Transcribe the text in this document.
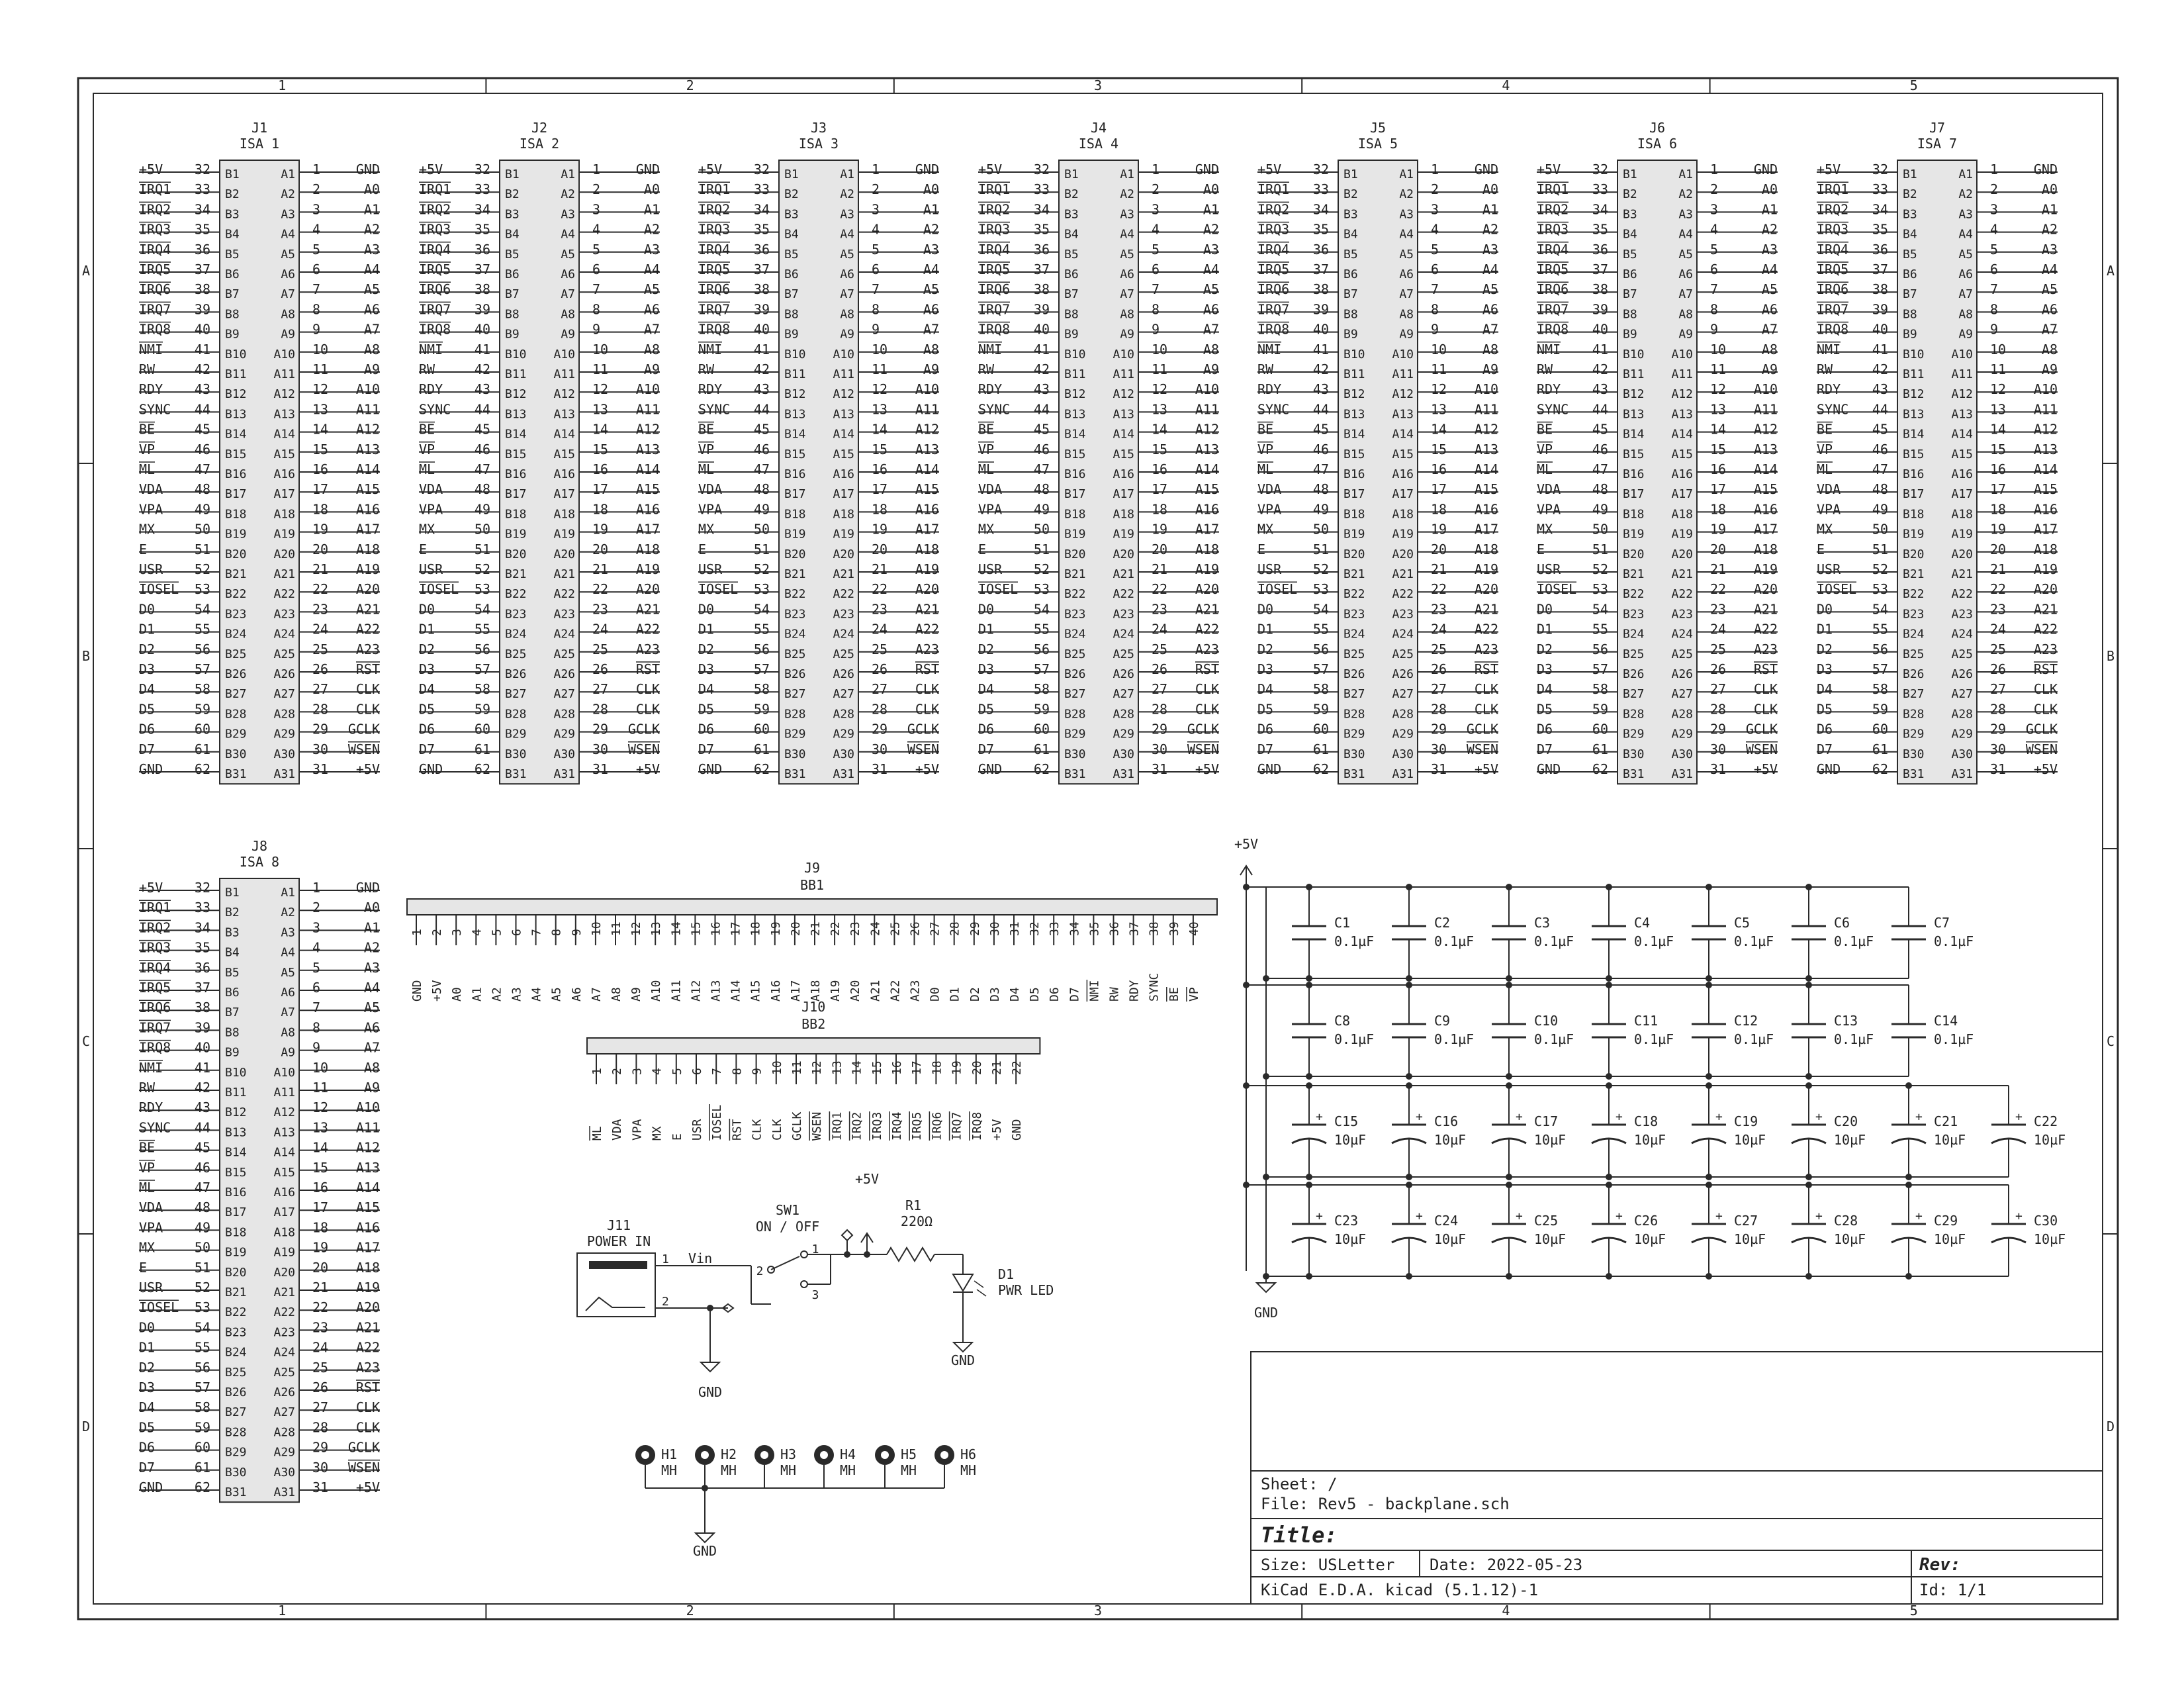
1
1
2
2
3
3
4
4
5
5
A	A
B	B
C	C
D	D
J1
ISA 1
+5V 32 B1	A1 1	GND
IRQ1 33 B2	A2 2	A0
IRQ2 34 B3	A3 3	A1
IRQ3 35 B4	A4 4	A2
IRQ4 36 B5	A5 5	A3
IRQ5 37 B6	A6 6	A4
IRQ6 38 B7	A7 7	A5
IRQ7 39 B8	A8 8	A6
IRQ8 40 B9	A9 9	A7
NMI 41 B10 A10 10	A8
RW	42 B11 A11 11	A9
RDY 43 B12 A12 12 A10
SYNC 44 B13 A13 13 A11
BE	45 B14 A14 14 A12
VP	46 B15 A15 15 A13
ML	47 B16 A16 16 A14
VDA 48 B17 A17 17 A15
VPA 49 B18 A18 18 A16
MX	50 B19 A19 19 A17
E	51 B20 A20 20 A18
USR 52 B21 A21 21 A19
IOSEL 53 B22 A22 22 A20
D0	54 B23 A23 23 A21
D1	55 B24 A24 24 A22
D2	56 B25 A25 25 A23
D3	57 B26 A26 26 RST
D4	58 B27 A27 27 CLK
D5	59 B28 A28 28 CLK
D6	60 B29 A29 29 GCLK
D7	61 B30 A30 30 WSEN
GND 62 B31 A31 31 +5V
J2
ISA 2
+5V 32 B1	A1 1	GND
IRQ1 33 B2	A2 2	A0
IRQ2 34 B3	A3 3	A1
IRQ3 35 B4	A4 4	A2
IRQ4 36 B5	A5 5	A3
IRQ5 37 B6	A6 6	A4
IRQ6 38 B7	A7 7	A5
IRQ7 39 B8	A8 8	A6
IRQ8 40 B9	A9 9	A7
NMI 41 B10 A10 10	A8
RW	42 B11 A11 11	A9
RDY 43 B12 A12 12 A10
SYNC 44 B13 A13 13 A11
BE	45 B14 A14 14 A12
VP	46 B15 A15 15 A13
ML	47 B16 A16 16 A14
VDA 48 B17 A17 17 A15
VPA 49 B18 A18 18 A16
MX	50 B19 A19 19 A17
E	51 B20 A20 20 A18
USR 52 B21 A21 21 A19
IOSEL 53 B22 A22 22 A20
D0	54 B23 A23 23 A21
D1	55 B24 A24 24 A22
D2	56 B25 A25 25 A23
D3	57 B26 A26 26 RST
D4	58 B27 A27 27 CLK
D5	59 B28 A28 28 CLK
D6	60 B29 A29 29 GCLK
D7	61 B30 A30 30 WSEN
GND 62 B31 A31 31 +5V
J3
ISA 3
+5V 32 B1	A1 1	GND
IRQ1 33 B2	A2 2	A0
IRQ2 34 B3	A3 3	A1
IRQ3 35 B4	A4 4	A2
IRQ4 36 B5	A5 5	A3
IRQ5 37 B6	A6 6	A4
IRQ6 38 B7	A7 7	A5
IRQ7 39 B8	A8 8	A6
IRQ8 40 B9	A9 9	A7
NMI 41 B10 A10 10	A8
RW	42 B11 A11 11	A9
RDY 43 B12 A12 12 A10
SYNC 44 B13 A13 13 A11
BE	45 B14 A14 14 A12
VP	46 B15 A15 15 A13
ML	47 B16 A16 16 A14
VDA 48 B17 A17 17 A15
VPA 49 B18 A18 18 A16
MX	50 B19 A19 19 A17
E	51 B20 A20 20 A18
USR 52 B21 A21 21 A19
IOSEL 53 B22 A22 22 A20
D0	54 B23 A23 23 A21
D1	55 B24 A24 24 A22
D2	56 B25 A25 25 A23
D3	57 B26 A26 26 RST
D4	58 B27 A27 27 CLK
D5	59 B28 A28 28 CLK
D6	60 B29 A29 29 GCLK
D7	61 B30 A30 30 WSEN
GND 62 B31 A31 31 +5V
J4
ISA 4
+5V 32 B1	A1 1	GND
IRQ1 33 B2	A2 2	A0
IRQ2 34 B3	A3 3	A1
IRQ3 35 B4	A4 4	A2
IRQ4 36 B5	A5 5	A3
IRQ5 37 B6	A6 6	A4
IRQ6 38 B7	A7 7	A5
IRQ7 39 B8	A8 8	A6
IRQ8 40 B9	A9 9	A7
NMI 41 B10 A10 10	A8
RW	42 B11 A11 11	A9
RDY 43 B12 A12 12 A10
SYNC 44 B13 A13 13 A11
BE	45 B14 A14 14 A12
VP	46 B15 A15 15 A13
ML	47 B16 A16 16 A14
VDA 48 B17 A17 17 A15
VPA 49 B18 A18 18 A16
MX	50 B19 A19 19 A17
E	51 B20 A20 20 A18
USR 52 B21 A21 21 A19
IOSEL 53 B22 A22 22 A20
D0	54 B23 A23 23 A21
D1	55 B24 A24 24 A22
D2	56 B25 A25 25 A23
D3	57 B26 A26 26 RST
D4	58 B27 A27 27 CLK
D5	59 B28 A28 28 CLK
D6	60 B29 A29 29 GCLK
D7	61 B30 A30 30 WSEN
GND 62 B31 A31 31 +5V
J5
ISA 5
+5V 32 B1	A1 1	GND
IRQ1 33 B2	A2 2	A0
IRQ2 34 B3	A3 3	A1
IRQ3 35 B4	A4 4	A2
IRQ4 36 B5	A5 5	A3
IRQ5 37 B6	A6 6	A4
IRQ6 38 B7	A7 7	A5
IRQ7 39 B8	A8 8	A6
IRQ8 40 B9	A9 9	A7
NMI 41 B10 A10 10	A8
RW	42 B11 A11 11	A9
RDY 43 B12 A12 12 A10
SYNC 44 B13 A13 13 A11
BE	45 B14 A14 14 A12
VP	46 B15 A15 15 A13
ML	47 B16 A16 16 A14
VDA 48 B17 A17 17 A15
VPA 49 B18 A18 18 A16
MX	50 B19 A19 19 A17
E	51 B20 A20 20 A18
USR 52 B21 A21 21 A19
IOSEL 53 B22 A22 22 A20
D0	54 B23 A23 23 A21
D1	55 B24 A24 24 A22
D2	56 B25 A25 25 A23
D3	57 B26 A26 26 RST
D4	58 B27 A27 27 CLK
D5	59 B28 A28 28 CLK
D6	60 B29 A29 29 GCLK
D7	61 B30 A30 30 WSEN
GND 62 B31 A31 31 +5V
J6
ISA 6
+5V 32 B1	A1 1	GND
IRQ1 33 B2	A2 2	A0
IRQ2 34 B3	A3 3	A1
IRQ3 35 B4	A4 4	A2
IRQ4 36 B5	A5 5	A3
IRQ5 37 B6	A6 6	A4
IRQ6 38 B7	A7 7	A5
IRQ7 39 B8	A8 8	A6
IRQ8 40 B9	A9 9	A7
NMI 41 B10 A10 10	A8
RW	42 B11 A11 11	A9
RDY 43 B12 A12 12 A10
SYNC 44 B13 A13 13 A11
BE	45 B14 A14 14 A12
VP	46 B15 A15 15 A13
ML	47 B16 A16 16 A14
VDA 48 B17 A17 17 A15
VPA 49 B18 A18 18 A16
MX	50 B19 A19 19 A17
E	51 B20 A20 20 A18
USR 52 B21 A21 21 A19
IOSEL 53 B22 A22 22 A20
D0	54 B23 A23 23 A21
D1	55 B24 A24 24 A22
D2	56 B25 A25 25 A23
D3	57 B26 A26 26 RST
D4	58 B27 A27 27 CLK
D5	59 B28 A28 28 CLK
D6	60 B29 A29 29 GCLK
D7	61 B30 A30 30 WSEN
GND 62 B31 A31 31 +5V
J7
ISA 7
+5V 32 B1	A1 1	GND
IRQ1 33 B2	A2 2	A0
IRQ2 34 B3	A3 3	A1
IRQ3 35 B4	A4 4	A2
IRQ4 36 B5	A5 5	A3
IRQ5 37 B6	A6 6	A4
IRQ6 38 B7	A7 7	A5
IRQ7 39 B8	A8 8	A6
IRQ8 40 B9	A9 9	A7
NMI 41 B10 A10 10	A8
RW	42 B11 A11 11	A9
RDY 43 B12 A12 12 A10
SYNC 44 B13 A13 13 A11
BE	45 B14 A14 14 A12
VP	46 B15 A15 15 A13
ML	47 B16 A16 16 A14
VDA 48 B17 A17 17 A15
VPA 49 B18 A18 18 A16
MX	50 B19 A19 19 A17
E	51 B20 A20 20 A18
USR 52 B21 A21 21 A19
IOSEL 53 B22 A22 22 A20
D0	54 B23 A23 23 A21
D1	55 B24 A24 24 A22
D2	56 B25 A25 25 A23
D3	57 B26 A26 26 RST
D4	58 B27 A27 27 CLK
D5	59 B28 A28 28 CLK
D6	60 B29 A29 29 GCLK
D7	61 B30 A30 30 WSEN
GND 62 B31 A31 31 +5V
J8
ISA 8
+5V 32 B1	A1 1	GND
IRQ1 33 B2	A2 2	A0
IRQ2 34 B3	A3 3	A1
IRQ3 35 B4	A4 4	A2
IRQ4 36 B5	A5 5	A3
IRQ5 37 B6	A6 6	A4
IRQ6 38 B7	A7 7	A5
IRQ7 39 B8	A8 8	A6
IRQ8 40 B9	A9 9	A7
NMI 41 B10 A10 10	A8
RW	42 B11 A11 11	A9
RDY 43 B12 A12 12 A10
SYNC 44 B13 A13 13 A11
BE	45 B14 A14 14 A12
VP	46 B15 A15 15 A13
ML	47 B16 A16 16 A14
VDA 48 B17 A17 17 A15
VPA 49 B18 A18 18 A16
MX	50 B19 A19 19 A17
E	51 B20 A20 20 A18
USR 52 B21 A21 21 A19
IOSEL 53 B22 A22 22 A20
D0	54 B23 A23 23 A21
D1	55 B24 A24 24 A22
D2	56 B25 A25 25 A23
D3	57 B26 A26 26 RST
D4	58 B27 A27 27 CLK
D5	59 B28 A28 28 CLK
D6	60 B29 A29 29 GCLK
D7	61 B30 A30 30 WSEN
GND 62 B31 A31 31 +5V
J9
BB1
1
GND
2
+5V
3
A0
4
A1
5
A2
6
A3
7
A4
8
A5
9
A6
10
A7
11
A8
12
A9
13
A10
14
A11
15
A12
16
A13
17
A14
18
A15
19
A16
20
A17
21
A18
22
A19
23
A20
24
A21
25
A22
26
A23
27
D0
28
D1
29
D2
30
D3
31
D4
32
D5
33
D6
34
D7
35
NMI
36
RW
37
RDY
38
SYNC
39
BE
40
VP
J10
BB2
1
ML
2
VDA
3
VPA
4
MX
5
E
6
USR
7
IOSEL
8
RST
9
CLK
10
CLK
11
GCLK
12
WSEN
13
IRQ1
14
IRQ2
15
IRQ3
16
IRQ4
17
IRQ5
18
IRQ6
19
IRQ7
20
IRQ8
21
+5V
22
GND
+5V
GND
C1
0.1µF
C2
0.1µF
C3
0.1µF
C4
0.1µF
C5
0.1µF
C6
0.1µF
C7
0.1µF
C8
0.1µF
C9
0.1µF
C10
0.1µF
C11
0.1µF
C12
0.1µF
C13
0.1µF
C14
0.1µF
+ C15
10µF
+ C16
10µF
+ C17
10µF
+ C18
10µF
+ C19
10µF
+ C20
10µF
+ C21
10µF
+ C22
10µF
+ C23
10µF
+ C24
10µF
+ C25
10µF
+ C26
10µF
+ C27
10µF
+ C28
10µF
+ C29
10µF
+ C30
10µF
J11
POWER IN
1 Vin
2
GND
SW1
ON / OFF
2
1
3
+5V
R1
220Ω
D1
PWR LED
GND
H1
MH
H2
MH
H3
MH
H4
MH
H5
MH
H6
MH
GND
Sheet: /
File: Rev5 - backplane.sch
Title:
Size: USLetter Date: 2022-05-23	Rev:
KiCad E.D.A. kicad (5.1.12)-1	Id: 1/1
